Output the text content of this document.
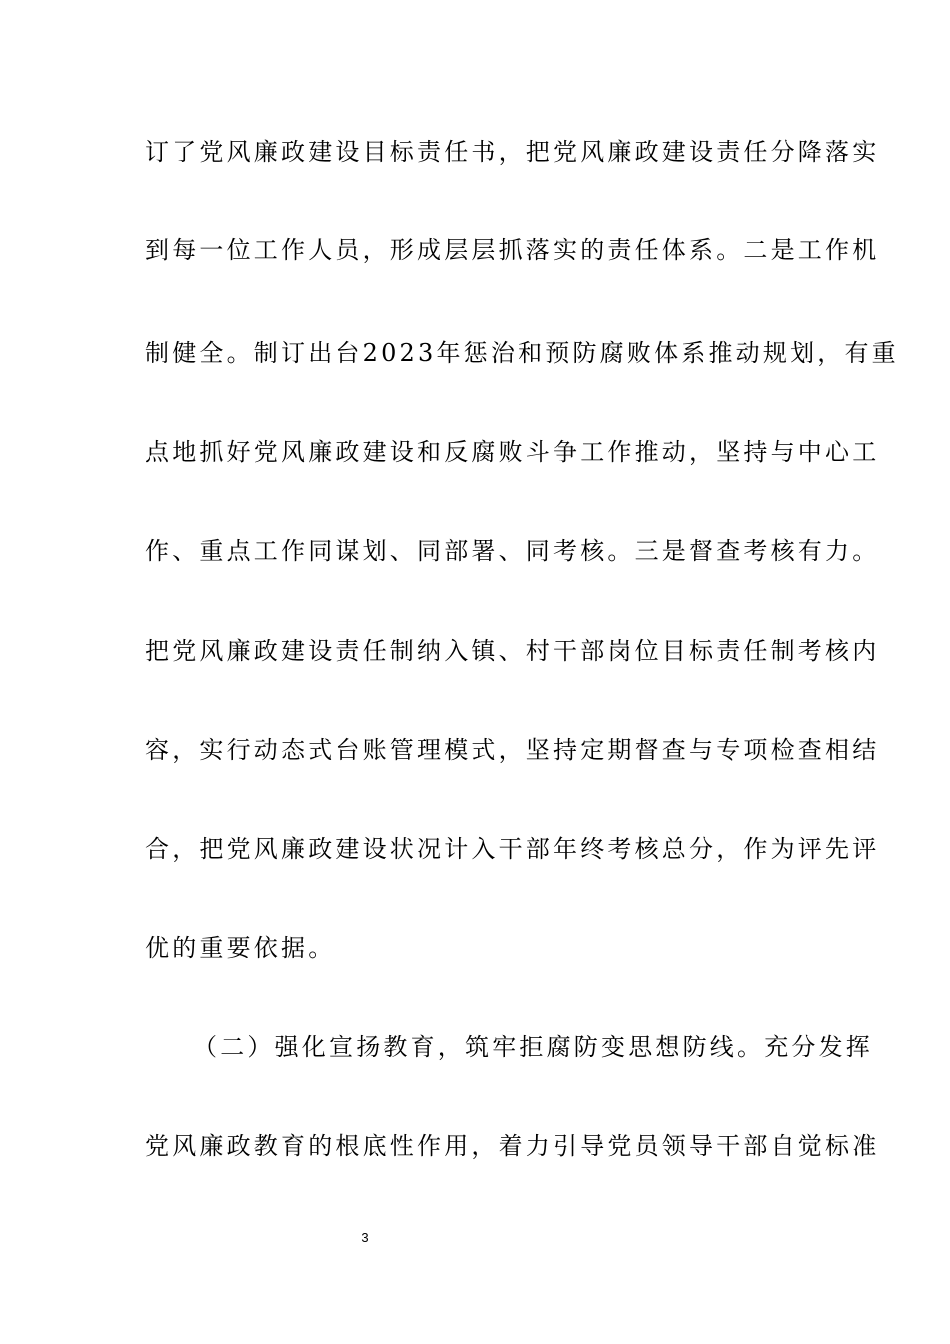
订了党风廉政建设目标责任书，把党风廉政建设责任分降落实
到每一位工作人员，形成层层抓落实的责任体系。二是工作机
制健全。制订出台2023年惩治和预防腐败体系推动规划，有重
点地抓好党风廉政建设和反腐败斗争工作推动，坚持与中心工
作、重点工作同谋划、同部署、同考核。三是督查考核有力。
把党风廉政建设责任制纳入镇、村干部岗位目标责任制考核内
容，实行动态式台账管理模式，坚持定期督查与专项检查相结
合，把党风廉政建设状况计入干部年终考核总分，作为评先评
优的重要依据。
（二）强化宣扬教育，筑牢拒腐防变思想防线。充分发挥
党风廉政教育的根底性作用，着力引导党员领导干部自觉标准
3
